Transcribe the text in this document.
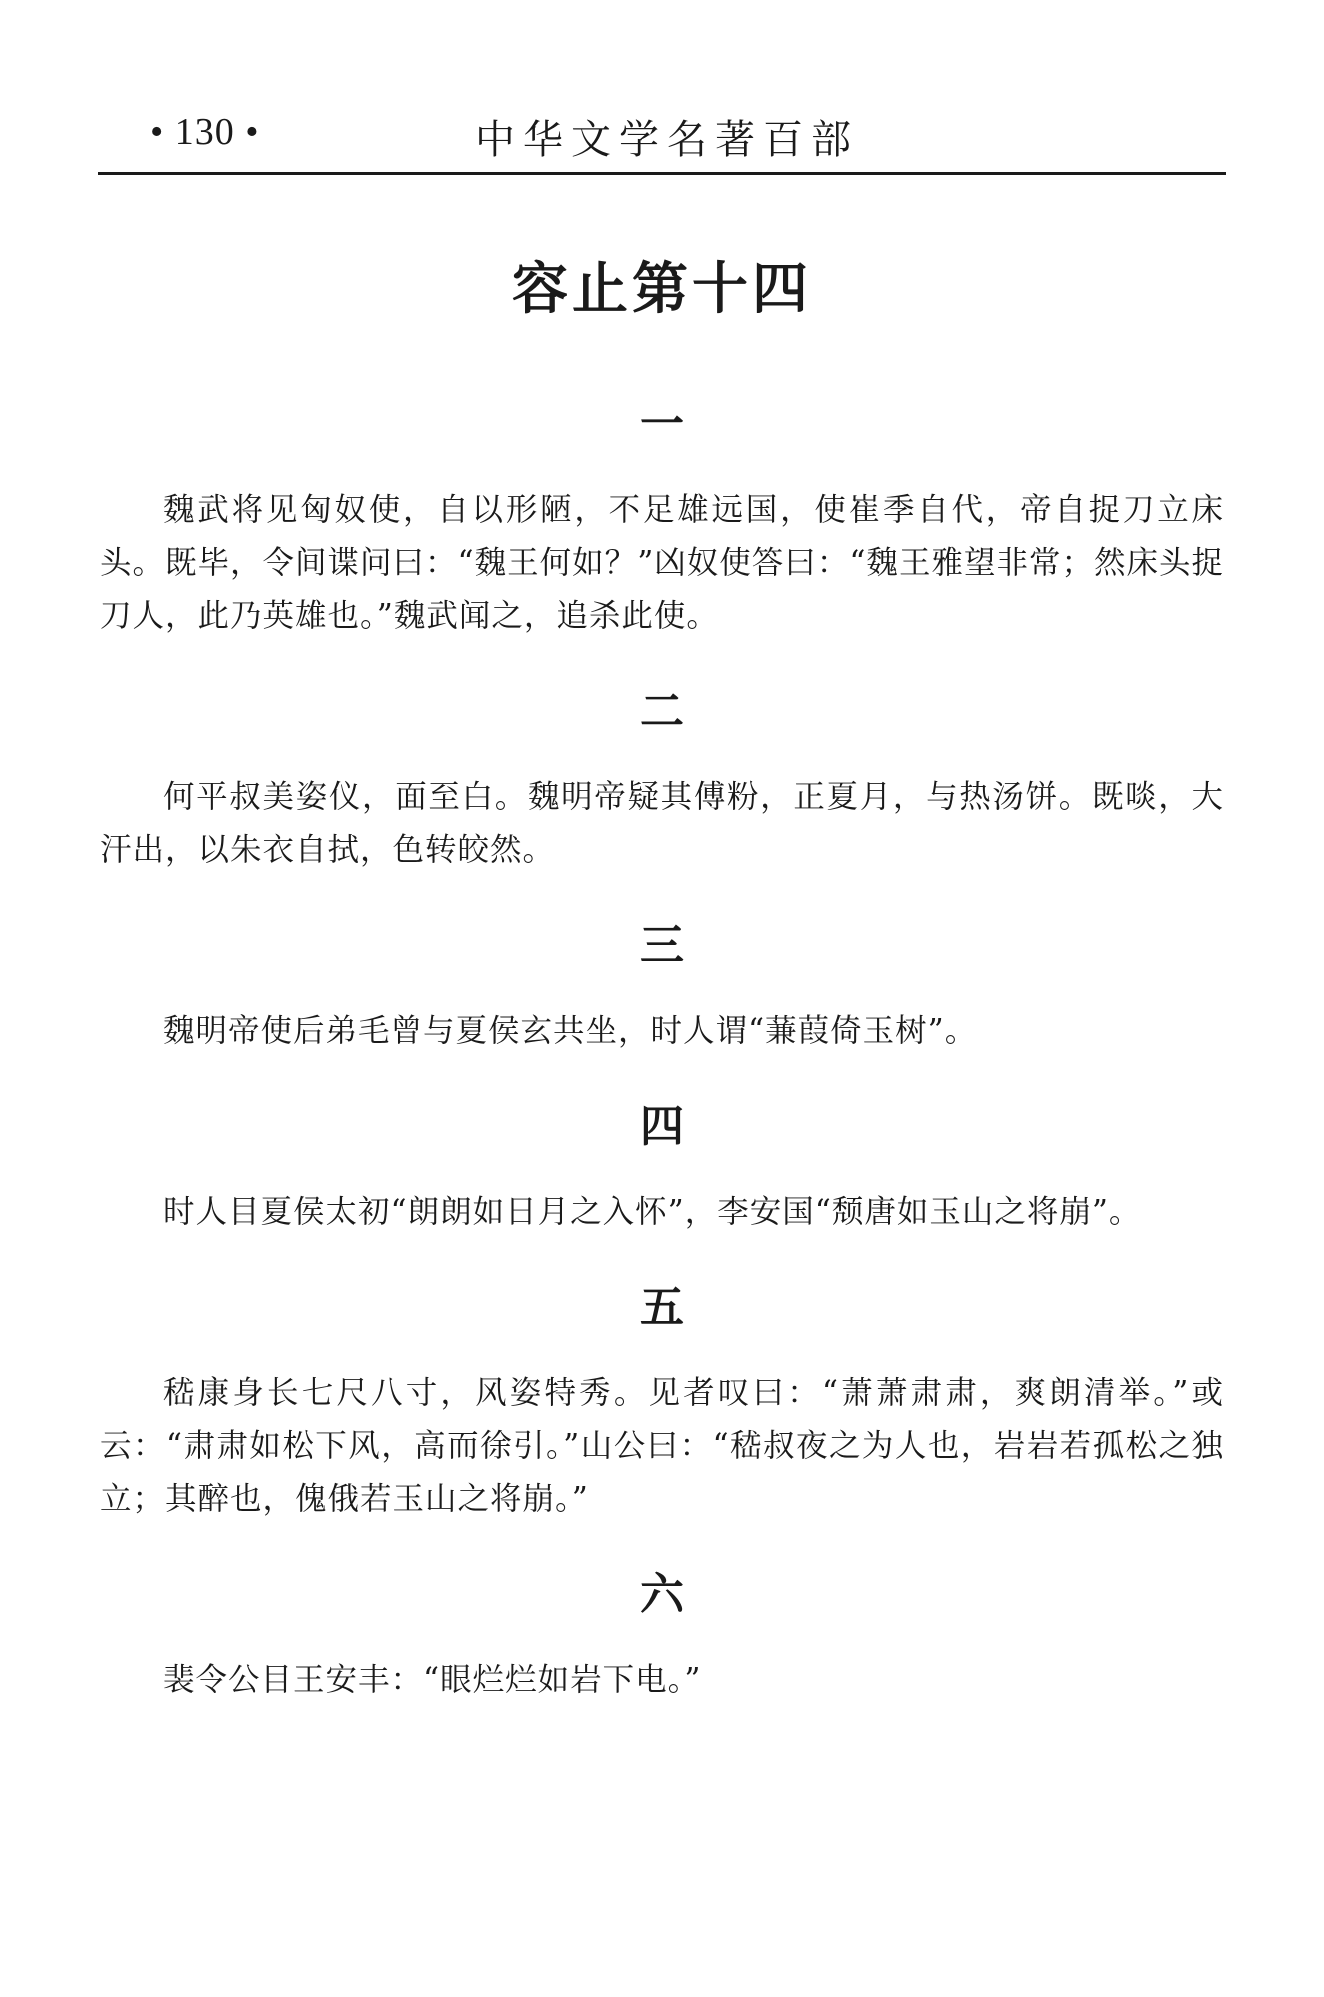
• 130 •	中华文学名著百部
容止第十四
一

魏武将见匈奴使，自以形陋，不足雄远国，使崔季自代，帝自捉刀立床头。既毕，令间谍问曰：“魏王何如？”凶奴使答曰：“魏王雅望非常；然床头捉刀人，此乃英雄也。”魏武闻之，追杀此使。

二

何平叔美姿仪，面至白。魏明帝疑其傅粉，正夏月，与热汤饼。既啖，大汗出，以朱衣自拭，色转皎然。

三

魏明帝使后弟毛曾与夏侯玄共坐，时人谓“蒹葭倚玉树”。

四

时人目夏侯太初“朗朗如日月之入怀”，李安国“颓唐如玉山之将崩”。

五

嵇康身长七尺八寸，风姿特秀。见者叹曰：“萧萧肃肃，爽朗清举。”或云：“肃肃如松下风，高而徐引。”山公曰：“嵇叔夜之为人也，岩岩若孤松之独立；其醉也，傀俄若玉山之将崩。”

六

裴令公目王安丰：“眼烂烂如岩下电。”
